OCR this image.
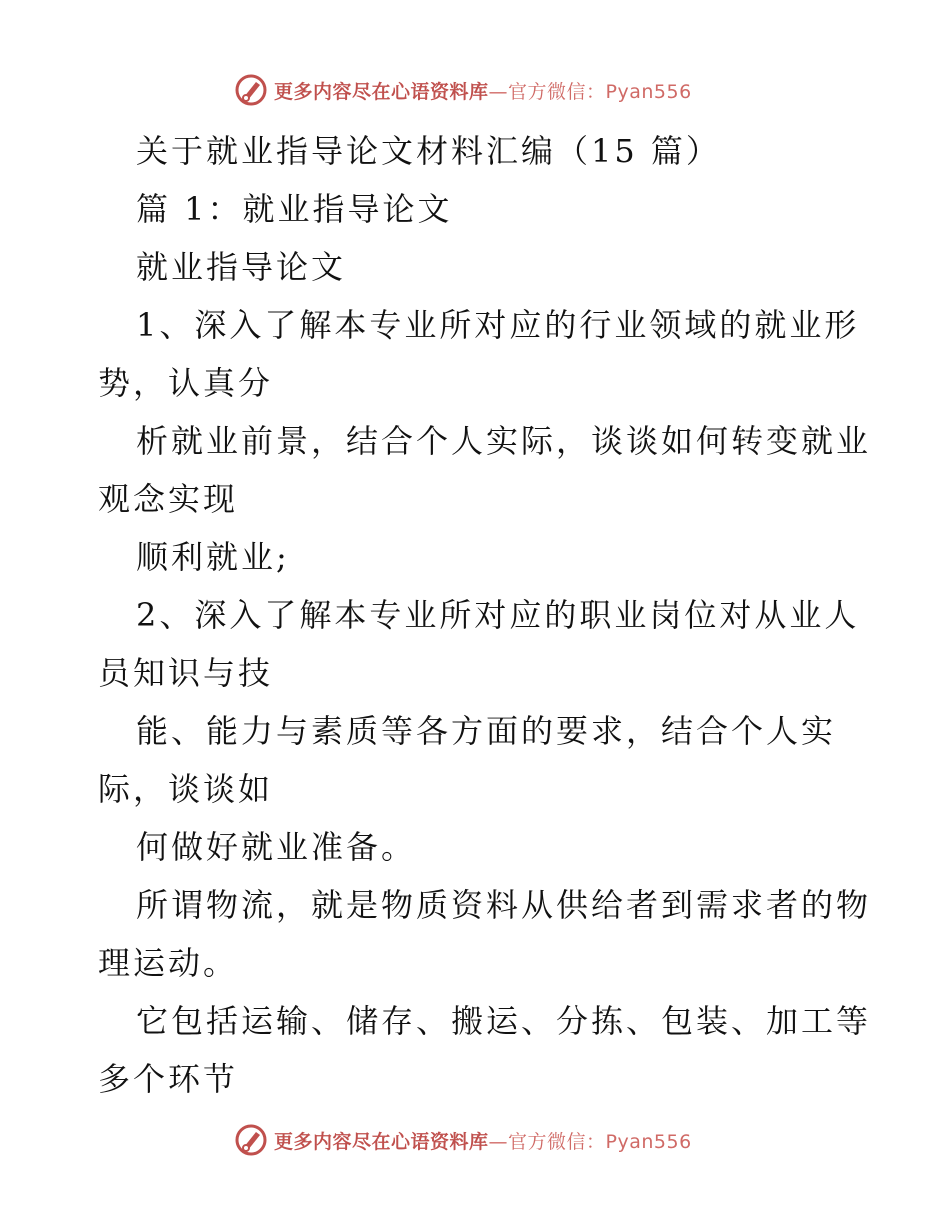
更多内容尽在心语资料库—官方微信：Pyan556
关于就业指导论文材料汇编（15 篇）
篇 1：就业指导论文
就业指导论文
1、深入了解本专业所对应的行业领域的就业形
势，认真分
析就业前景，结合个人实际，谈谈如何转变就业
观念实现
顺利就业;
2、深入了解本专业所对应的职业岗位对从业人
员知识与技
能、能力与素质等各方面的要求，结合个人实
际，谈谈如
何做好就业准备。
所谓物流，就是物质资料从供给者到需求者的物
理运动。
它包括运输、储存、搬运、分拣、包装、加工等
多个环节
更多内容尽在心语资料库—官方微信：Pyan556
